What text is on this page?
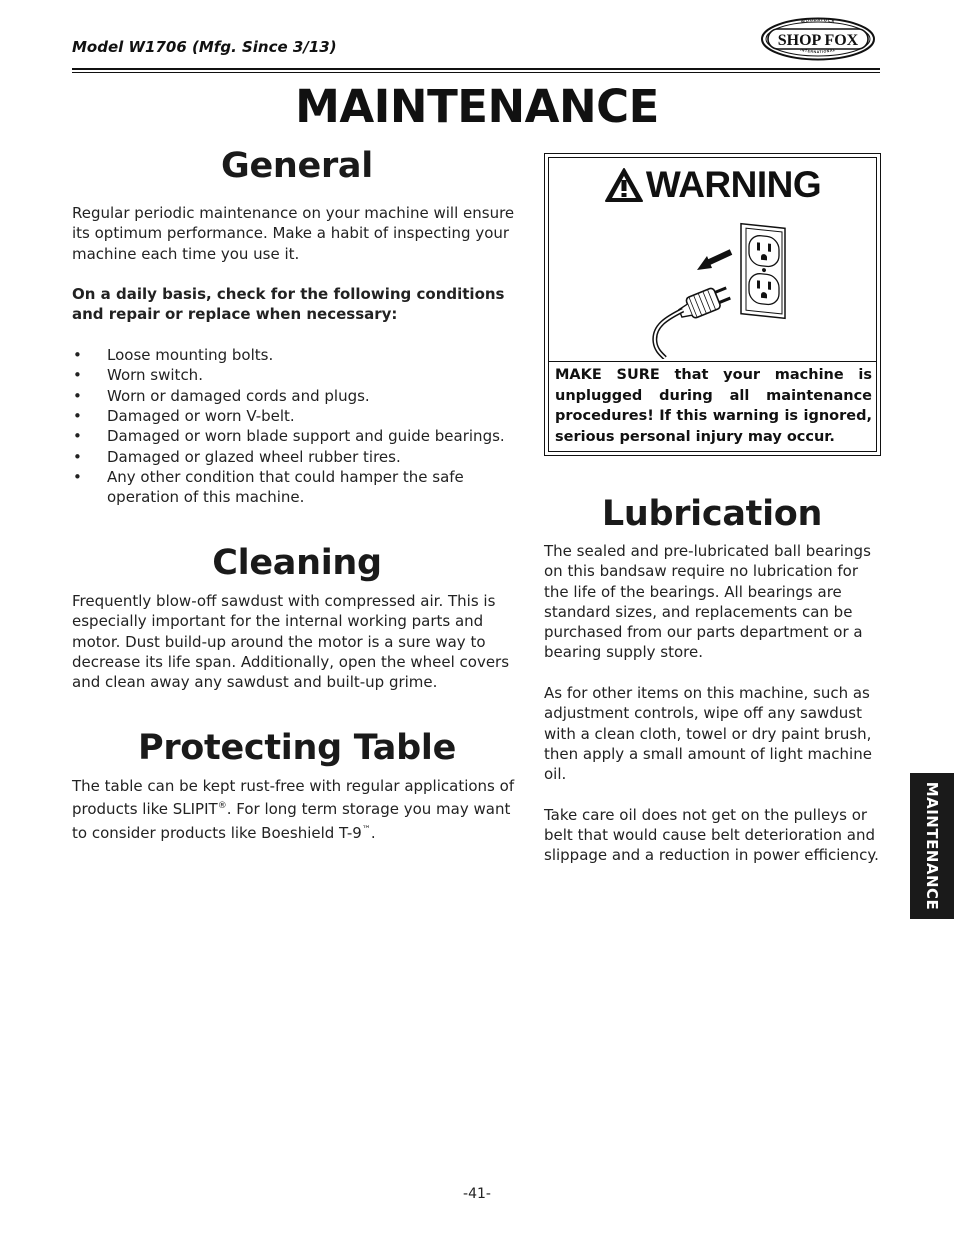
Model W1706 (Mfg. Since 3/13)	SHOP FOX
WOODSTOCK
INTERNATIONAL
MAINTENANCE
General

Regular periodic maintenance on your machine will ensure its optimum performance. Make a habit of inspecting your machine each time you use it.

On a daily basis, check for the following conditions and repair or replace when necessary:

• Loose mounting bolts.
• Worn switch.
• Worn or damaged cords and plugs.
• Damaged or worn V-belt.
• Damaged or worn blade support and guide bearings.
• Damaged or glazed wheel rubber tires.
• Any other condition that could hamper the safe operation of this machine.
Cleaning
Frequently blow-off sawdust with compressed air. This is especially important for the internal working parts and motor. Dust build-up around the motor is a sure way to decrease its life span. Additionally, open the wheel covers and clean away any sawdust and built-up grime.
Protecting Table
The table can be kept rust-free with regular applications of products like SLIPIT®. For long term storage you may want to consider products like Boeshield T-9™.
WARNING
MAKE SURE that your machine is unplugged during all maintenance procedures! If this warning is ignored, serious personal injury may occur.
Lubrication

The sealed and pre-lubricated ball bearings on this bandsaw require no lubrication for the life of the bearings. All bearings are standard sizes, and replacements can be purchased from our parts department or a bearing supply store.

As for other items on this machine, such as adjustment controls, wipe off any sawdust with a clean cloth, towel or dry paint brush, then apply a small amount of light machine oil.

Take care oil does not get on the pulleys or belt that would cause belt deterioration and slippage and a reduction in power efficiency.	MAINTENANCE
-41-
